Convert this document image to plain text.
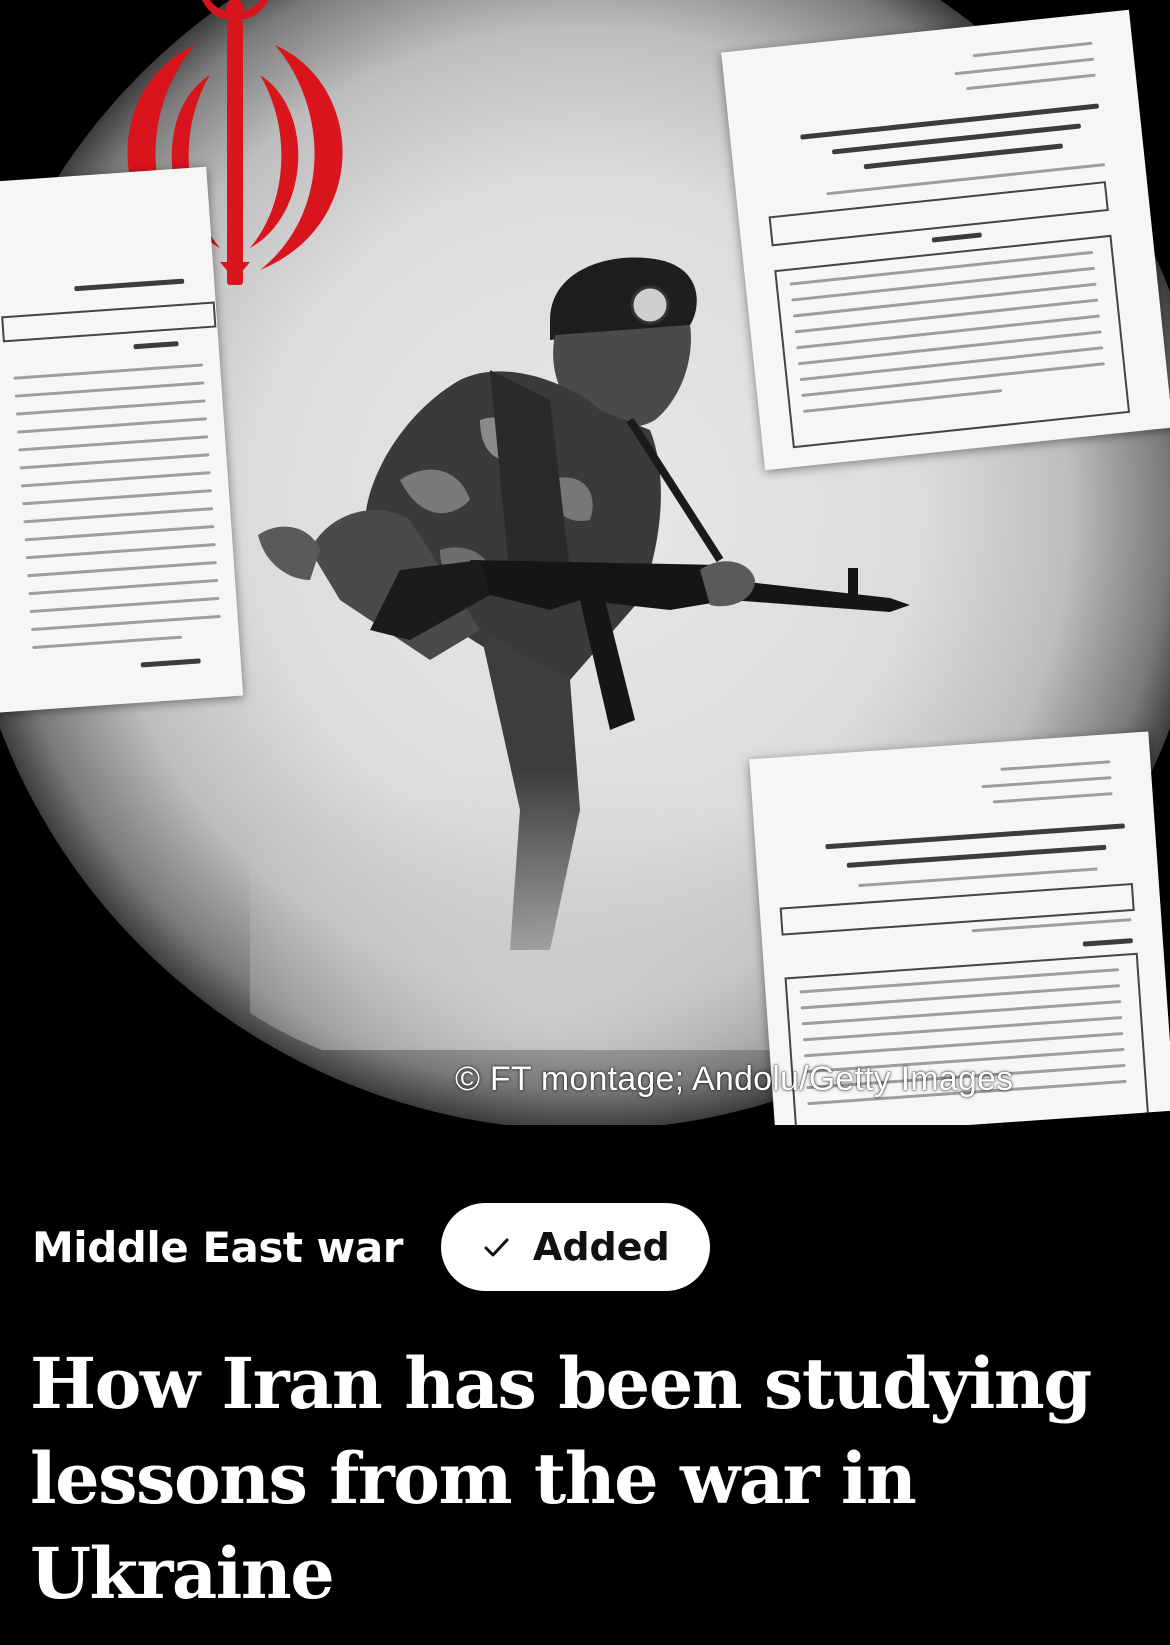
© FT montage; Andolu/Getty Images
Middle East war	Added
How Iran has been studying lessons from the war in Ukraine
